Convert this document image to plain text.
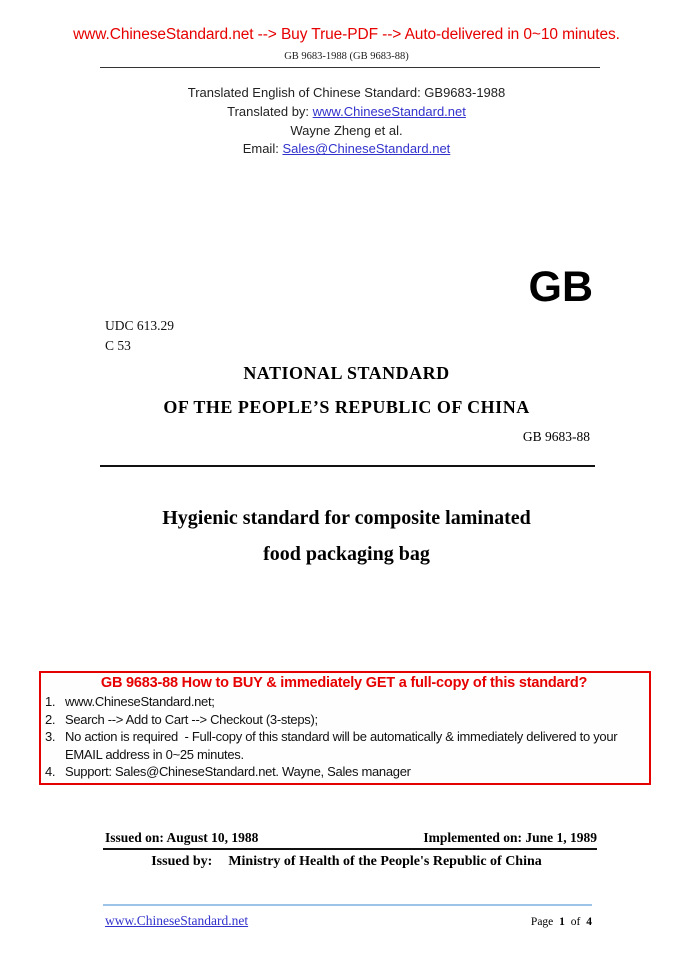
www.ChineseStandard.net --> Buy True-PDF --> Auto-delivered in 0~10 minutes.
GB 9683-1988 (GB 9683-88)
Translated English of Chinese Standard: GB9683-1988
Translated by: www.ChineseStandard.net
Wayne Zheng et al.
Email: Sales@ChineseStandard.net
GB
UDC 613.29
C 53
NATIONAL STANDARD
OF THE PEOPLE’S REPUBLIC OF CHINA
GB 9683-88
Hygienic standard for composite laminated
food packaging bag
GB 9683-88 How to BUY & immediately GET a full-copy of this standard?
1. www.ChineseStandard.net;
2. Search --> Add to Cart --> Checkout (3-steps);
3. No action is required  - Full-copy of this standard will be automatically & immediately delivered to your EMAIL address in 0~25 minutes.
4. Support: Sales@ChineseStandard.net. Wayne, Sales manager
Issued on: August 10, 1988	Implemented on: June 1, 1989
Issued by: Ministry of Health of the People's Republic of China
www.ChineseStandard.net	Page 1 of 4
